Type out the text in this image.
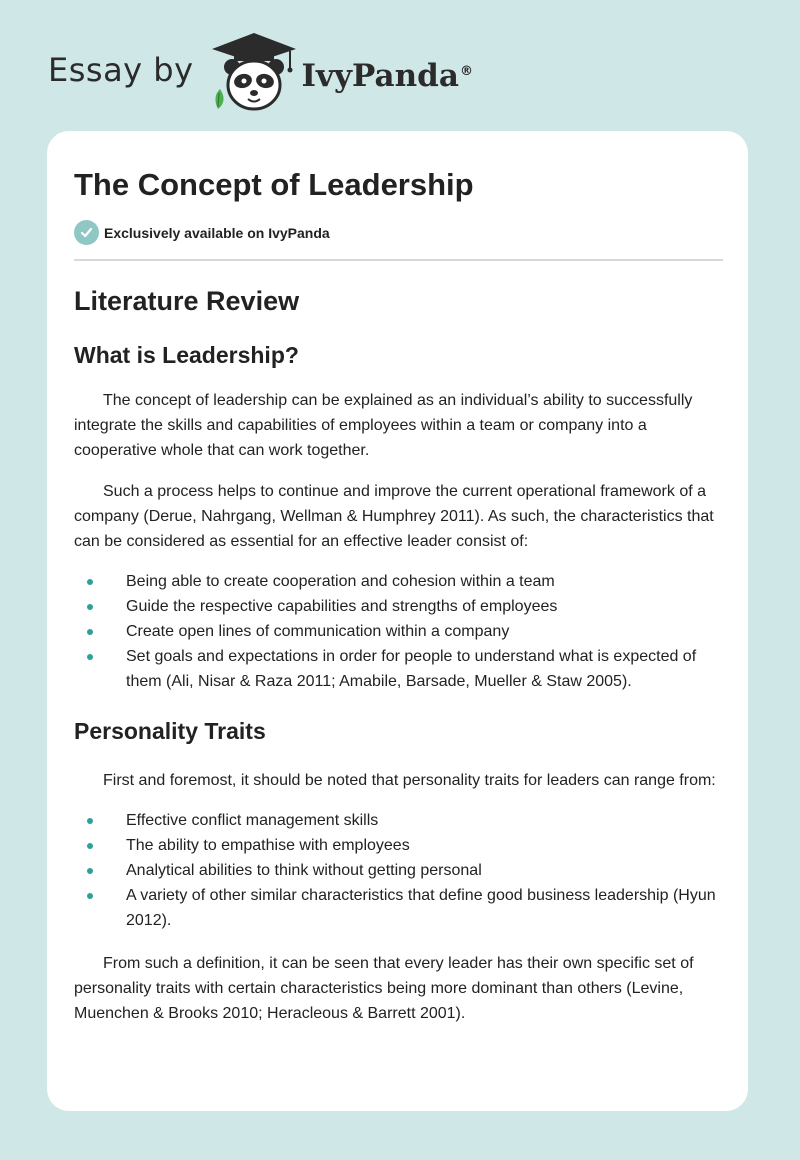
Essay by	IvyPanda®
The Concept of Leadership
Exclusively available on IvyPanda
Literature Review
What is Leadership?

The concept of leadership can be explained as an individual’s ability to successfully integrate the skills and capabilities of employees within a team or company into a cooperative whole that can work together.

Such a process helps to continue and improve the current operational framework of a company (Derue, Nahrgang, Wellman & Humphrey 2011). As such, the characteristics that can be considered as essential for an effective leader consist of:

Being able to create cooperation and cohesion within a team
Guide the respective capabilities and strengths of employees
Create open lines of communication within a company
Set goals and expectations in order for people to understand what is expected of them (Ali, Nisar & Raza 2011; Amabile, Barsade, Mueller & Staw 2005).
Personality Traits

First and foremost, it should be noted that personality traits for leaders can range from:

Effective conflict management skills
The ability to empathise with employees
Analytical abilities to think without getting personal
A variety of other similar characteristics that define good business leadership (Hyun 2012).

From such a definition, it can be seen that every leader has their own specific set of personality traits with certain characteristics being more dominant than others (Levine, Muenchen & Brooks 2010; Heracleous & Barrett 2001).
